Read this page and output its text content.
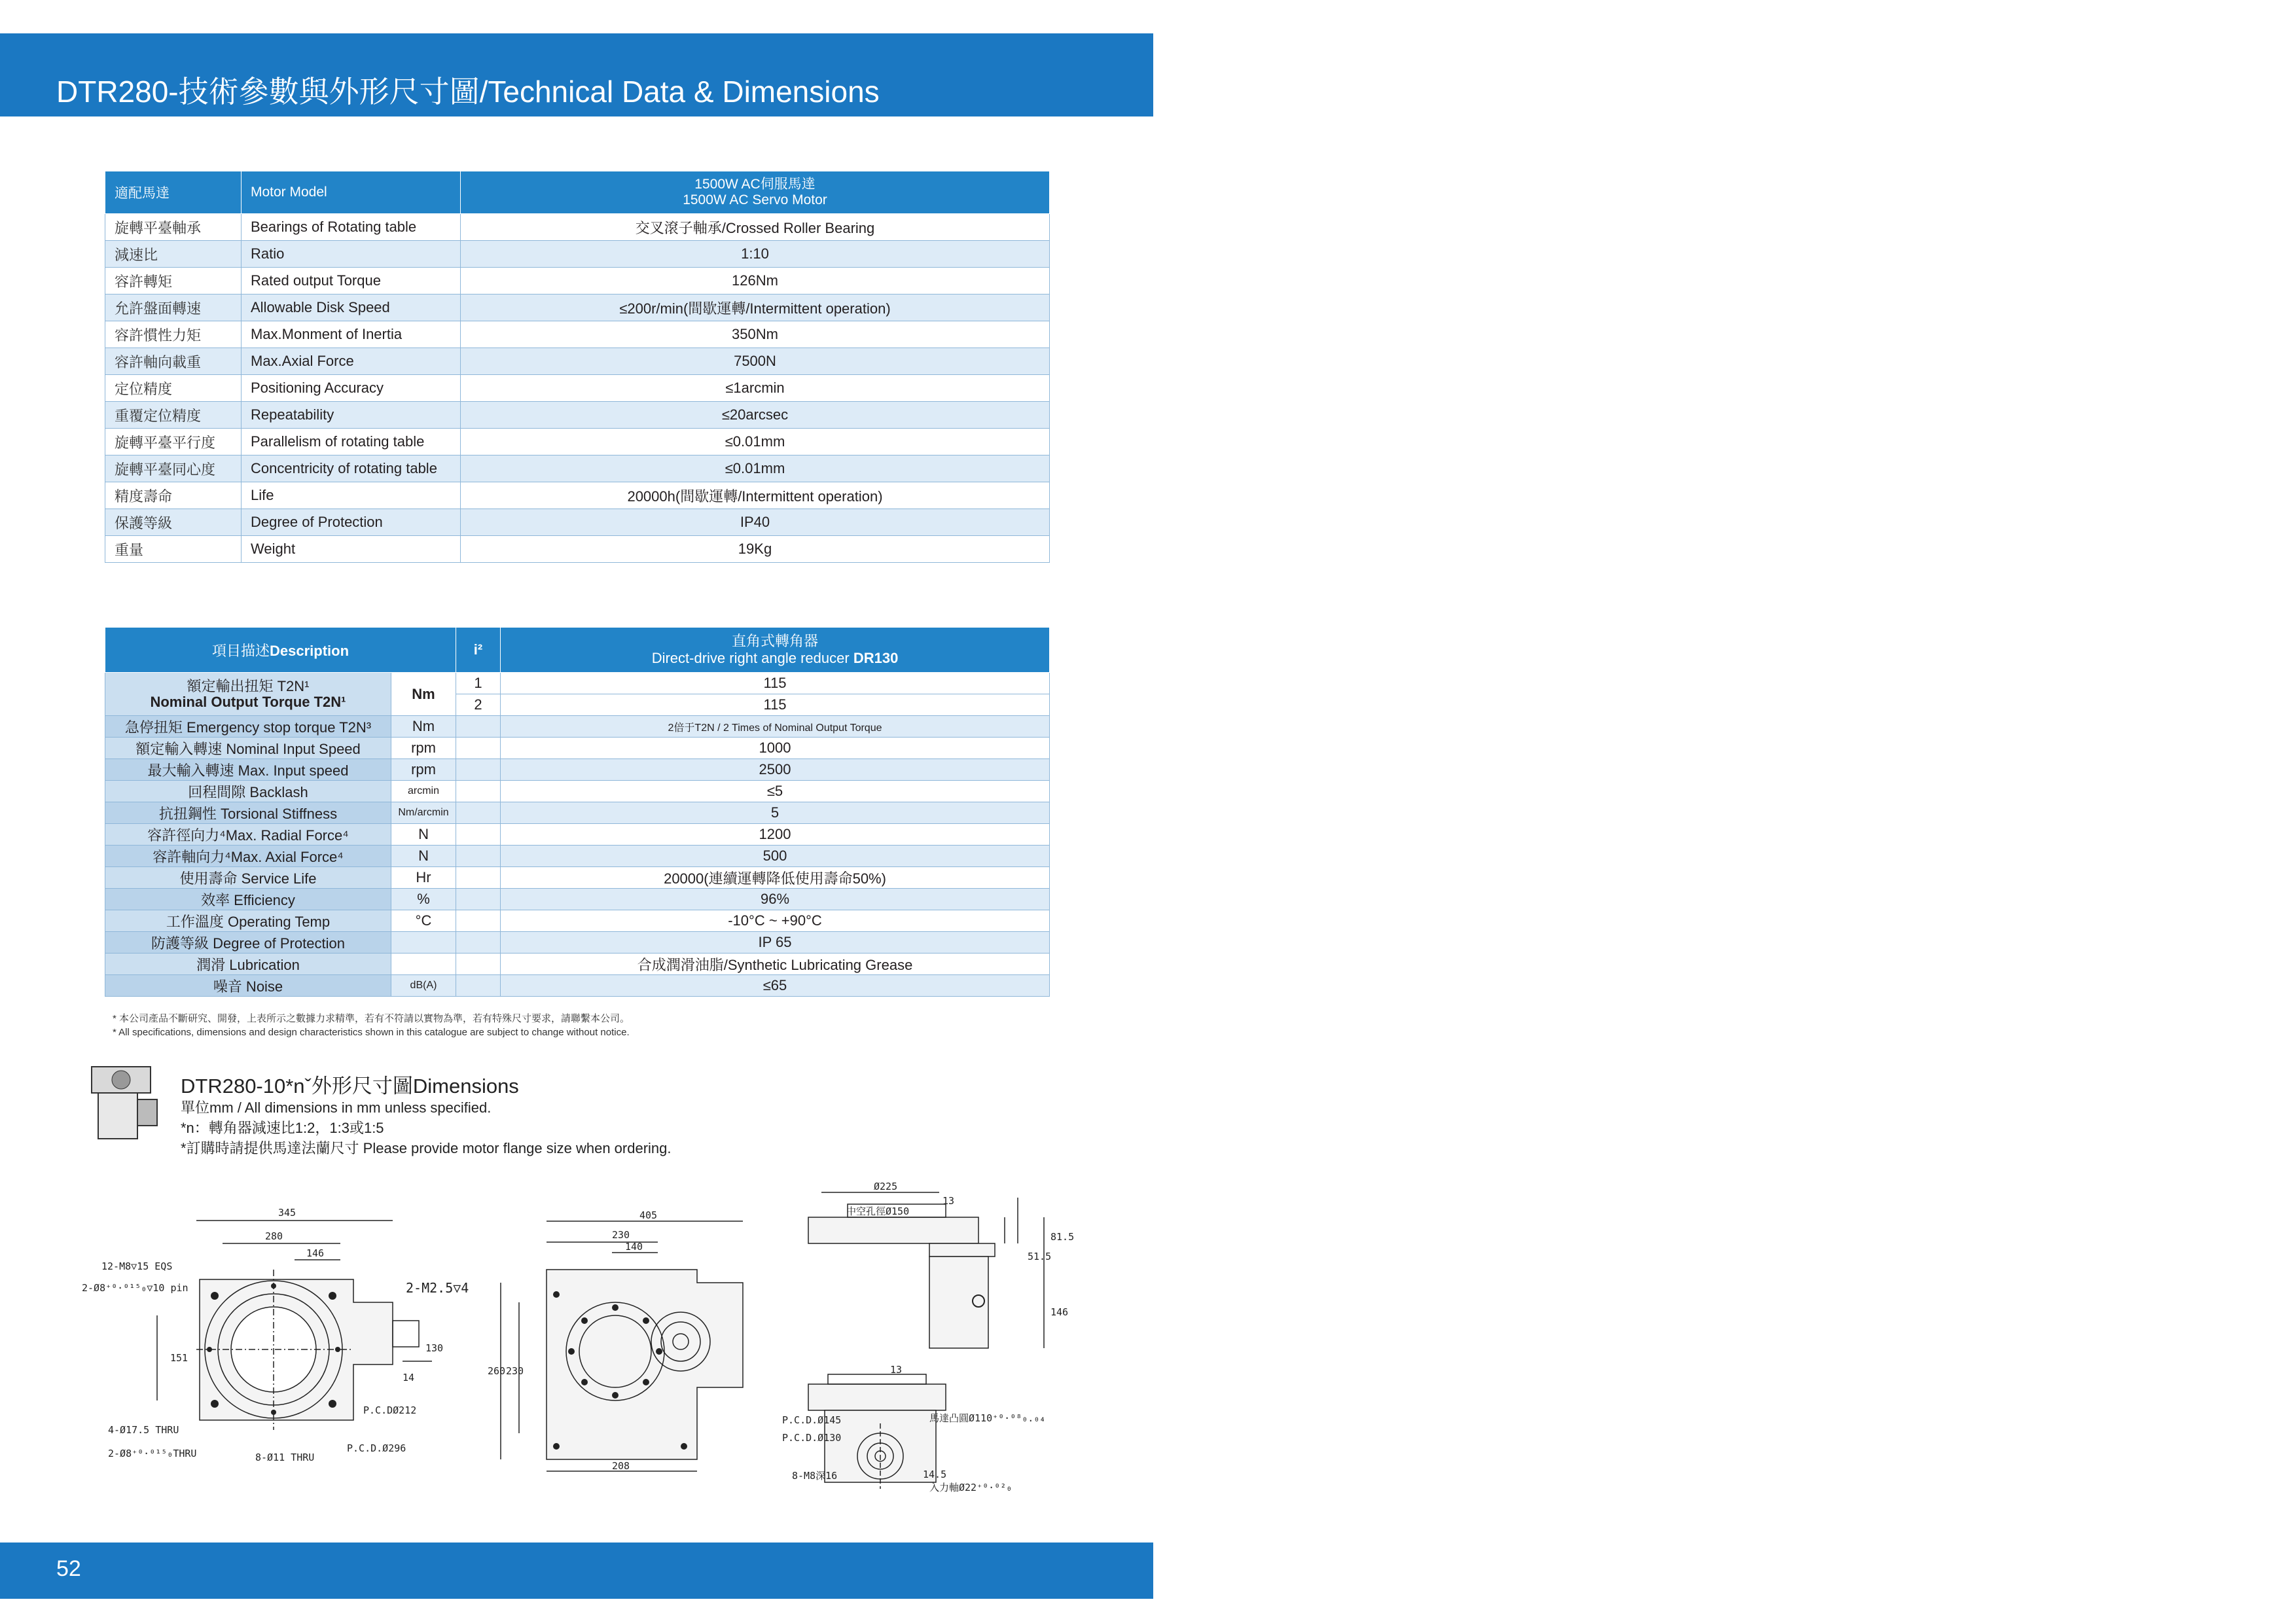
DTR280-技術參數與外形尺寸圖/Technical Data & Dimensions
適配馬達	Motor Model	1500W AC伺服馬達
1500W AC Servo Motor

旋轉平臺軸承	Bearings of Rotating table	交叉滾子軸承/Crossed Roller Bearing
減速比	Ratio	1:10
容許轉矩	Rated output Torque	126Nm
允許盤面轉速	Allowable Disk Speed	≤200r/min(間歇運轉/Intermittent operation)
容許慣性力矩	Max.Monment of Inertia	350Nm
容許軸向載重	Max.Axial Force	7500N
定位精度	Positioning Accuracy	≤1arcmin
重覆定位精度	Repeatability	≤20arcsec
旋轉平臺平行度	Parallelism of rotating table	≤0.01mm
旋轉平臺同心度	Concentricity of rotating table	≤0.01mm
精度壽命	Life	20000h(間歇運轉/Intermittent operation)
保護等級	Degree of Protection	IP40
重量	Weight	19Kg
項目描述Description		i²	直角式轉角器
Direct-drive right angle reducer DR130

額定輸出扭矩 T2N¹
Nominal Output Torque T2N¹	Nm	1	115
		2	115
急停扭矩 Emergency stop torque T2N³	Nm		2倍于T2N / 2 Times of Nominal Output Torque
額定輸入轉速 Nominal Input Speed	rpm		1000
最大輸入轉速 Max. Input speed	rpm		2500
回程間隙 Backlash	arcmin		≤5
抗扭鋼性 Torsional Stiffness	Nm/arcmin		5
容許徑向力⁴Max. Radial Force⁴	N		1200
容許軸向力⁴Max. Axial Force⁴	N		500
使用壽命 Service Life	Hr		20000(連續運轉降低使用壽命50%)
效率 Efficiency	%		96%
工作溫度 Operating Temp	°C		-10°C ~ +90°C
防護等級 Degree of Protection			IP 65
潤滑 Lubrication			合成潤滑油脂/Synthetic Lubricating Grease
噪音 Noise	dB(A)		≤65
* 本公司產品不斷研究、開發，上表所示之數據力求精準，若有不符請以實物為準，若有特殊尺寸要求，請聯繫本公司。
* All specifications, dimensions and design characteristics shown in this catalogue are subject to change without notice.
DTR280-10*nˇ外形尺寸圖Dimensions
單位mm / All dimensions in mm unless specified.
*n：轉角器減速比1:2，1:3或1:5
*訂購時請提供馬達法蘭尺寸 Please provide motor flange size when ordering.
345
280
146
12-M8▽15 EQS
2-Ø8⁺⁰·⁰¹⁵₀▽10 pin	2-M2.5▽4
151
14
130
P.C.DØ212
4-Ø17.5 THRU
2-Ø8⁺⁰·⁰¹⁵₀THRU	8-Ø11 THRU
P.C.D.Ø296
405
230
140
260 230
208
Ø225
中空孔徑Ø150
13
51.5
81.5
146
13
P.C.D.Ø145
P.C.D.Ø130
馬達凸圓Ø110⁺⁰·⁰⁸₀.₀₄
8-M8深16	14.5
入力軸Ø22⁺⁰·⁰²₀
52
